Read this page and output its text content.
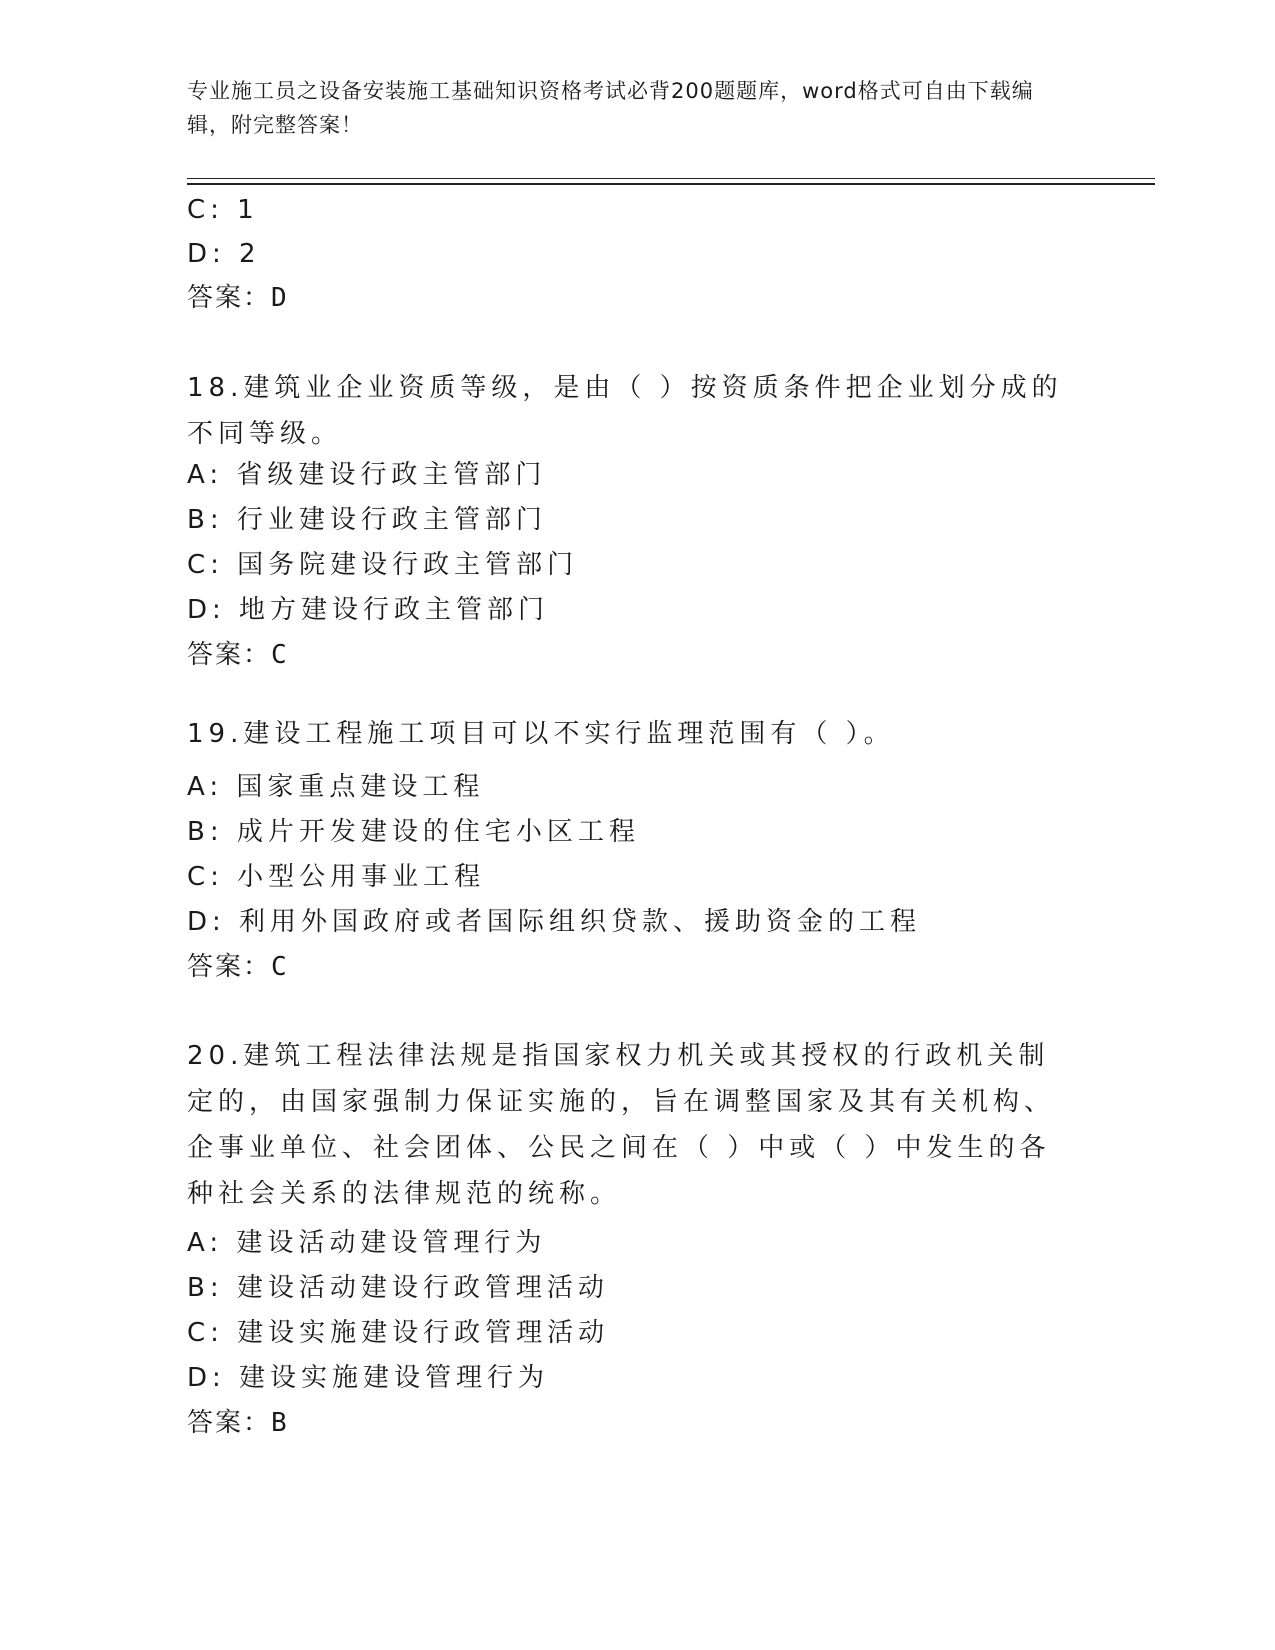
专业施工员之设备安装施工基础知识资格考试必背200题题库，word格式可自由下载编辑，附完整答案！
C: 1
D: 2
答案：D
18.建筑业企业资质等级，是由（ ）按资质条件把企业划分成的不同等级。
A: 省级建设行政主管部门
B: 行业建设行政主管部门
C: 国务院建设行政主管部门
D: 地方建设行政主管部门
答案：C
19.建设工程施工项目可以不实行监理范围有（ ）。
A: 国家重点建设工程
B: 成片开发建设的住宅小区工程
C: 小型公用事业工程
D: 利用外国政府或者国际组织贷款、援助资金的工程
答案：C
20.建筑工程法律法规是指国家权力机关或其授权的行政机关制定的，由国家强制力保证实施的，旨在调整国家及其有关机构、企事业单位、社会团体、公民之间在（ ）中或（ ）中发生的各种社会关系的法律规范的统称。
A: 建设活动建设管理行为
B: 建设活动建设行政管理活动
C: 建设实施建设行政管理活动
D: 建设实施建设管理行为
答案：B
